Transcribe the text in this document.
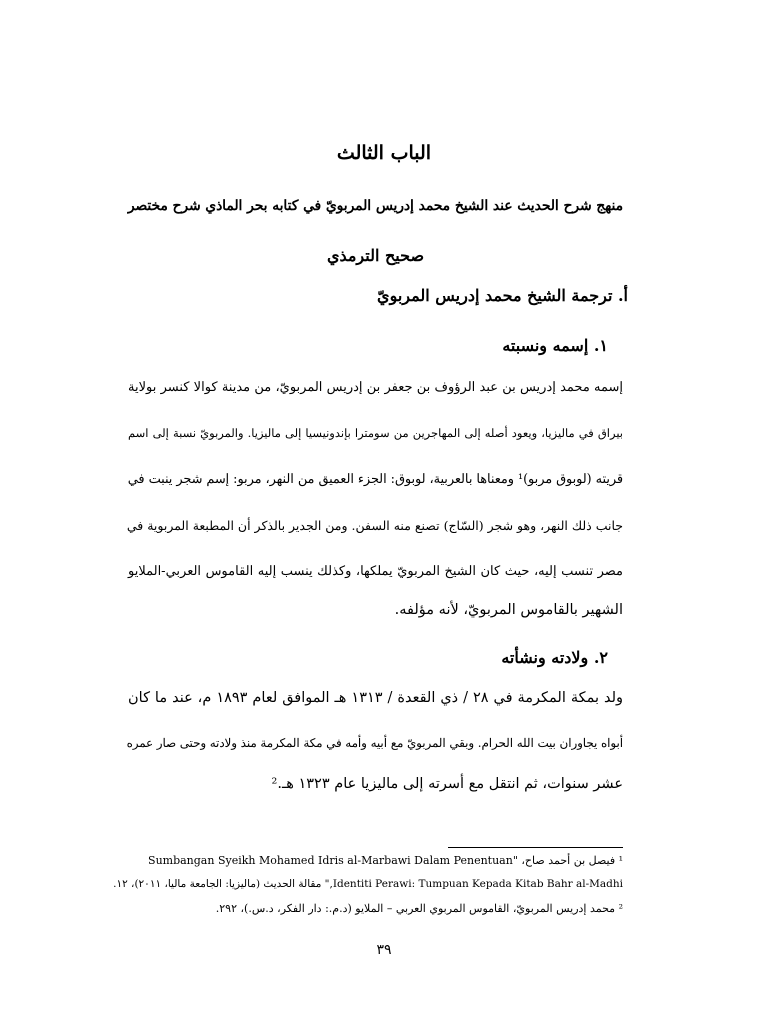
الباب الثالث
منهج شرح الحديث عند الشيخ محمد إدريس المربويّ في كتابه بحر الماذي شرح مختصر
صحيح الترمذي
أ. ترجمة الشيخ محمد إدريس المربويّ
١. إسمه ونسبته
إسمه محمد إدريس بن عبد الرؤوف بن جعفر بن إدريس المربويّ، من مدينة كوالا كنسر بولاية
بيراق في ماليزيا، ويعود أصله إلى المهاجرين من سومترا بإندونيسيا إلى ماليزيا. والمربويّ نسبة إلى اسم
قريته (لوبوق مربو)¹ ومعناها بالعربية، لوبوق: الجزء العميق من النهر، مربو: إسم شجر ينبت في
جانب ذلك النهر، وهو شجر (السّاج) تصنع منه السفن. ومن الجدير بالذكر أن المطبعة المربوية في
مصر تنسب إليه، حيث كان الشيخ المربويّ يملكها، وكذلك ينسب إليه القاموس العربي-الملايو
الشهير بالقاموس المربويّ، لأنه مؤلفه.
٢. ولادته ونشأته
ولد بمكة المكرمة في ٢٨ / ذي القعدة / ١٣١٣ هـ الموافق لعام ١٨٩٣ م، عند ما كان
أبواه يجاوران بيت الله الحرام. وبقي المربويّ مع أبيه وأمه في مكة المكرمة منذ ولادته وحتى صار عمره
عشر سنوات، ثم انتقل مع أسرته إلى ماليزيا عام ١٣٢٣ هـ.²
¹ فيصل بن أحمد صاح، "Sumbangan Syeikh Mohamed Idris al-Marbawi Dalam Penentuan
Identiti Perawi: Tumpuan Kepada Kitab Bahr al-Madhi," مقالة الحديث (ماليزيا: الجامعة ماليا، ٢٠١١)، ١٢.
² محمد إدريس المربويّ، القاموس المربوي العربي – الملايو (د.م.: دار الفكر، د.س.)، ٢٩٢.
٣٩
